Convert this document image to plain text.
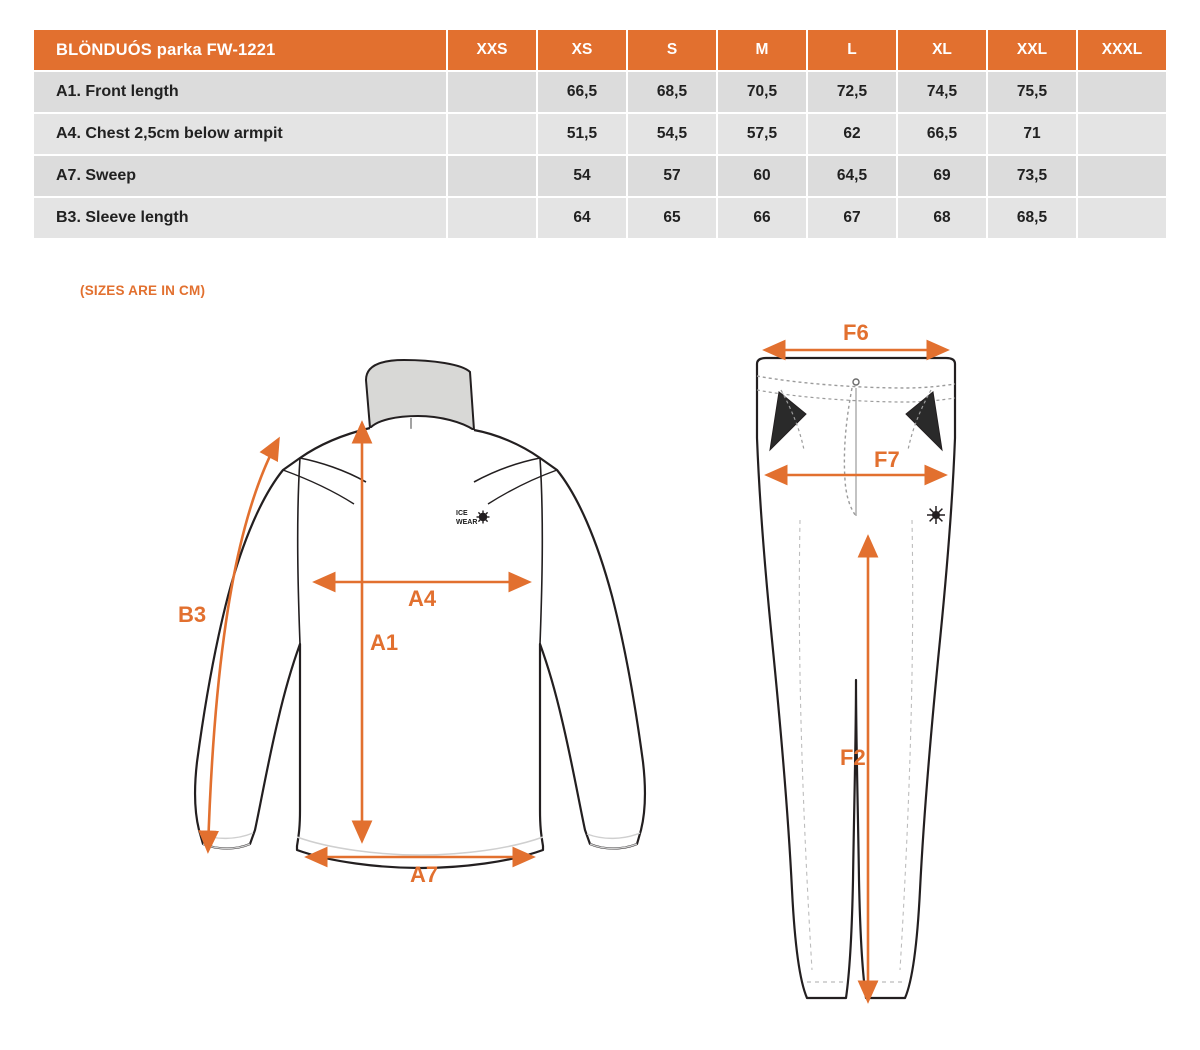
BLÖNDUÓS parka FW-1221	XXS	XS	S	M	L	XL	XXL	XXXL
A1. Front length		66,5	68,5	70,5	72,5	74,5	75,5	
A4. Chest 2,5cm below armpit		51,5	54,5	57,5	62	66,5	71	
A7. Sweep		54	57	60	64,5	69	73,5	
B3. Sleeve length		64	65	66	67	68	68,5	
(SIZES ARE IN CM)
ICE
WEAR
B3
A4
A1
A7
F6
F7
F2
